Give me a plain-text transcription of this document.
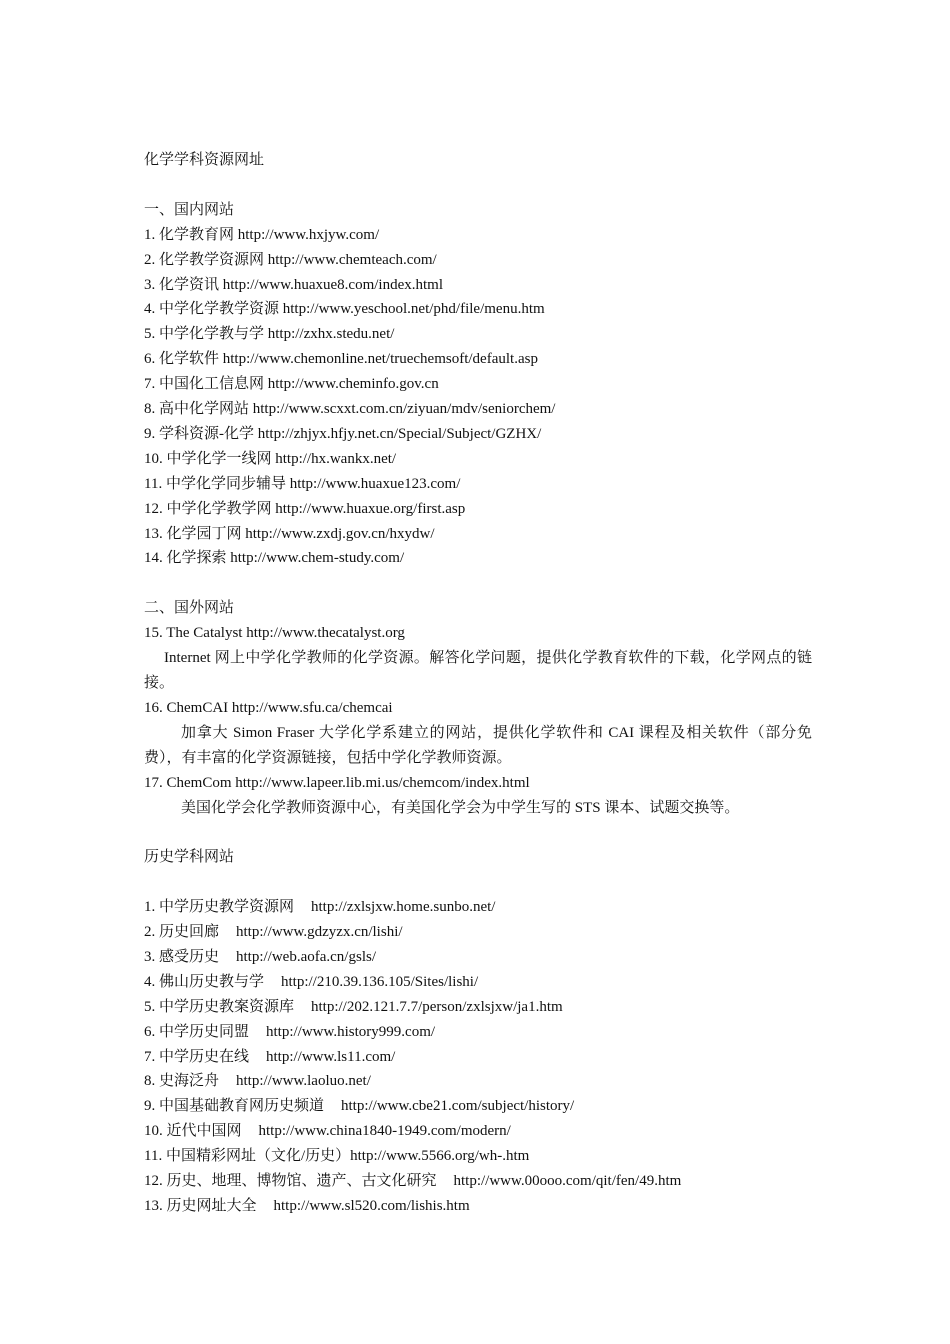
化学学科资源网址
一、国内网站
1. 化学教育网 http://www.hxjyw.com/
2. 化学教学资源网 http://www.chemteach.com/
3. 化学资讯 http://www.huaxue8.com/index.html
4. 中学化学教学资源 http://www.yeschool.net/phd/file/menu.htm
5. 中学化学教与学 http://zxhx.stedu.net/
6. 化学软件 http://www.chemonline.net/truechemsoft/default.asp
7. 中国化工信息网 http://www.cheminfo.gov.cn
8. 高中化学网站 http://www.scxxt.com.cn/ziyuan/mdv/seniorchem/
9. 学科资源-化学 http://zhjyx.hfjy.net.cn/Special/Subject/GZHX/
10. 中学化学一线网 http://hx.wankx.net/
11. 中学化学同步辅导 http://www.huaxue123.com/
12. 中学化学教学网 http://www.huaxue.org/first.asp
13. 化学园丁网 http://www.zxdj.gov.cn/hxydw/
14. 化学探索 http://www.chem-study.com/
二、国外网站
15. The Catalyst http://www.thecatalyst.org
Internet 网上中学化学教师的化学资源。解答化学问题，提供化学教育软件的下载，化学网点的链接。
16. ChemCAI http://www.sfu.ca/chemcai
加拿大 Simon Fraser 大学化学系建立的网站，提供化学软件和 CAI 课程及相关软件（部分免费），有丰富的化学资源链接，包括中学化学教师资源。
17. ChemCom http://www.lapeer.lib.mi.us/chemcom/index.html
美国化学会化学教师资源中心，有美国化学会为中学生写的 STS 课本、试题交换等。
历史学科网站
1. 中学历史教学资源网 http://zxlsjxw.home.sunbo.net/
2. 历史回廊 http://www.gdzyzx.cn/lishi/
3. 感受历史 http://web.aofa.cn/gsls/
4. 佛山历史教与学 http://210.39.136.105/Sites/lishi/
5. 中学历史教案资源库 http://202.121.7.7/person/zxlsjxw/ja1.htm
6. 中学历史同盟 http://www.history999.com/
7. 中学历史在线 http://www.ls11.com/
8. 史海泛舟 http://www.laoluo.net/
9. 中国基础教育网历史频道 http://www.cbe21.com/subject/history/
10. 近代中国网 http://www.china1840-1949.com/modern/
11. 中国精彩网址（文化/历史）http://www.5566.org/wh-.htm
12. 历史、地理、博物馆、遗产、古文化研究 http://www.00ooo.com/qit/fen/49.htm
13. 历史网址大全 http://www.sl520.com/lishis.htm
